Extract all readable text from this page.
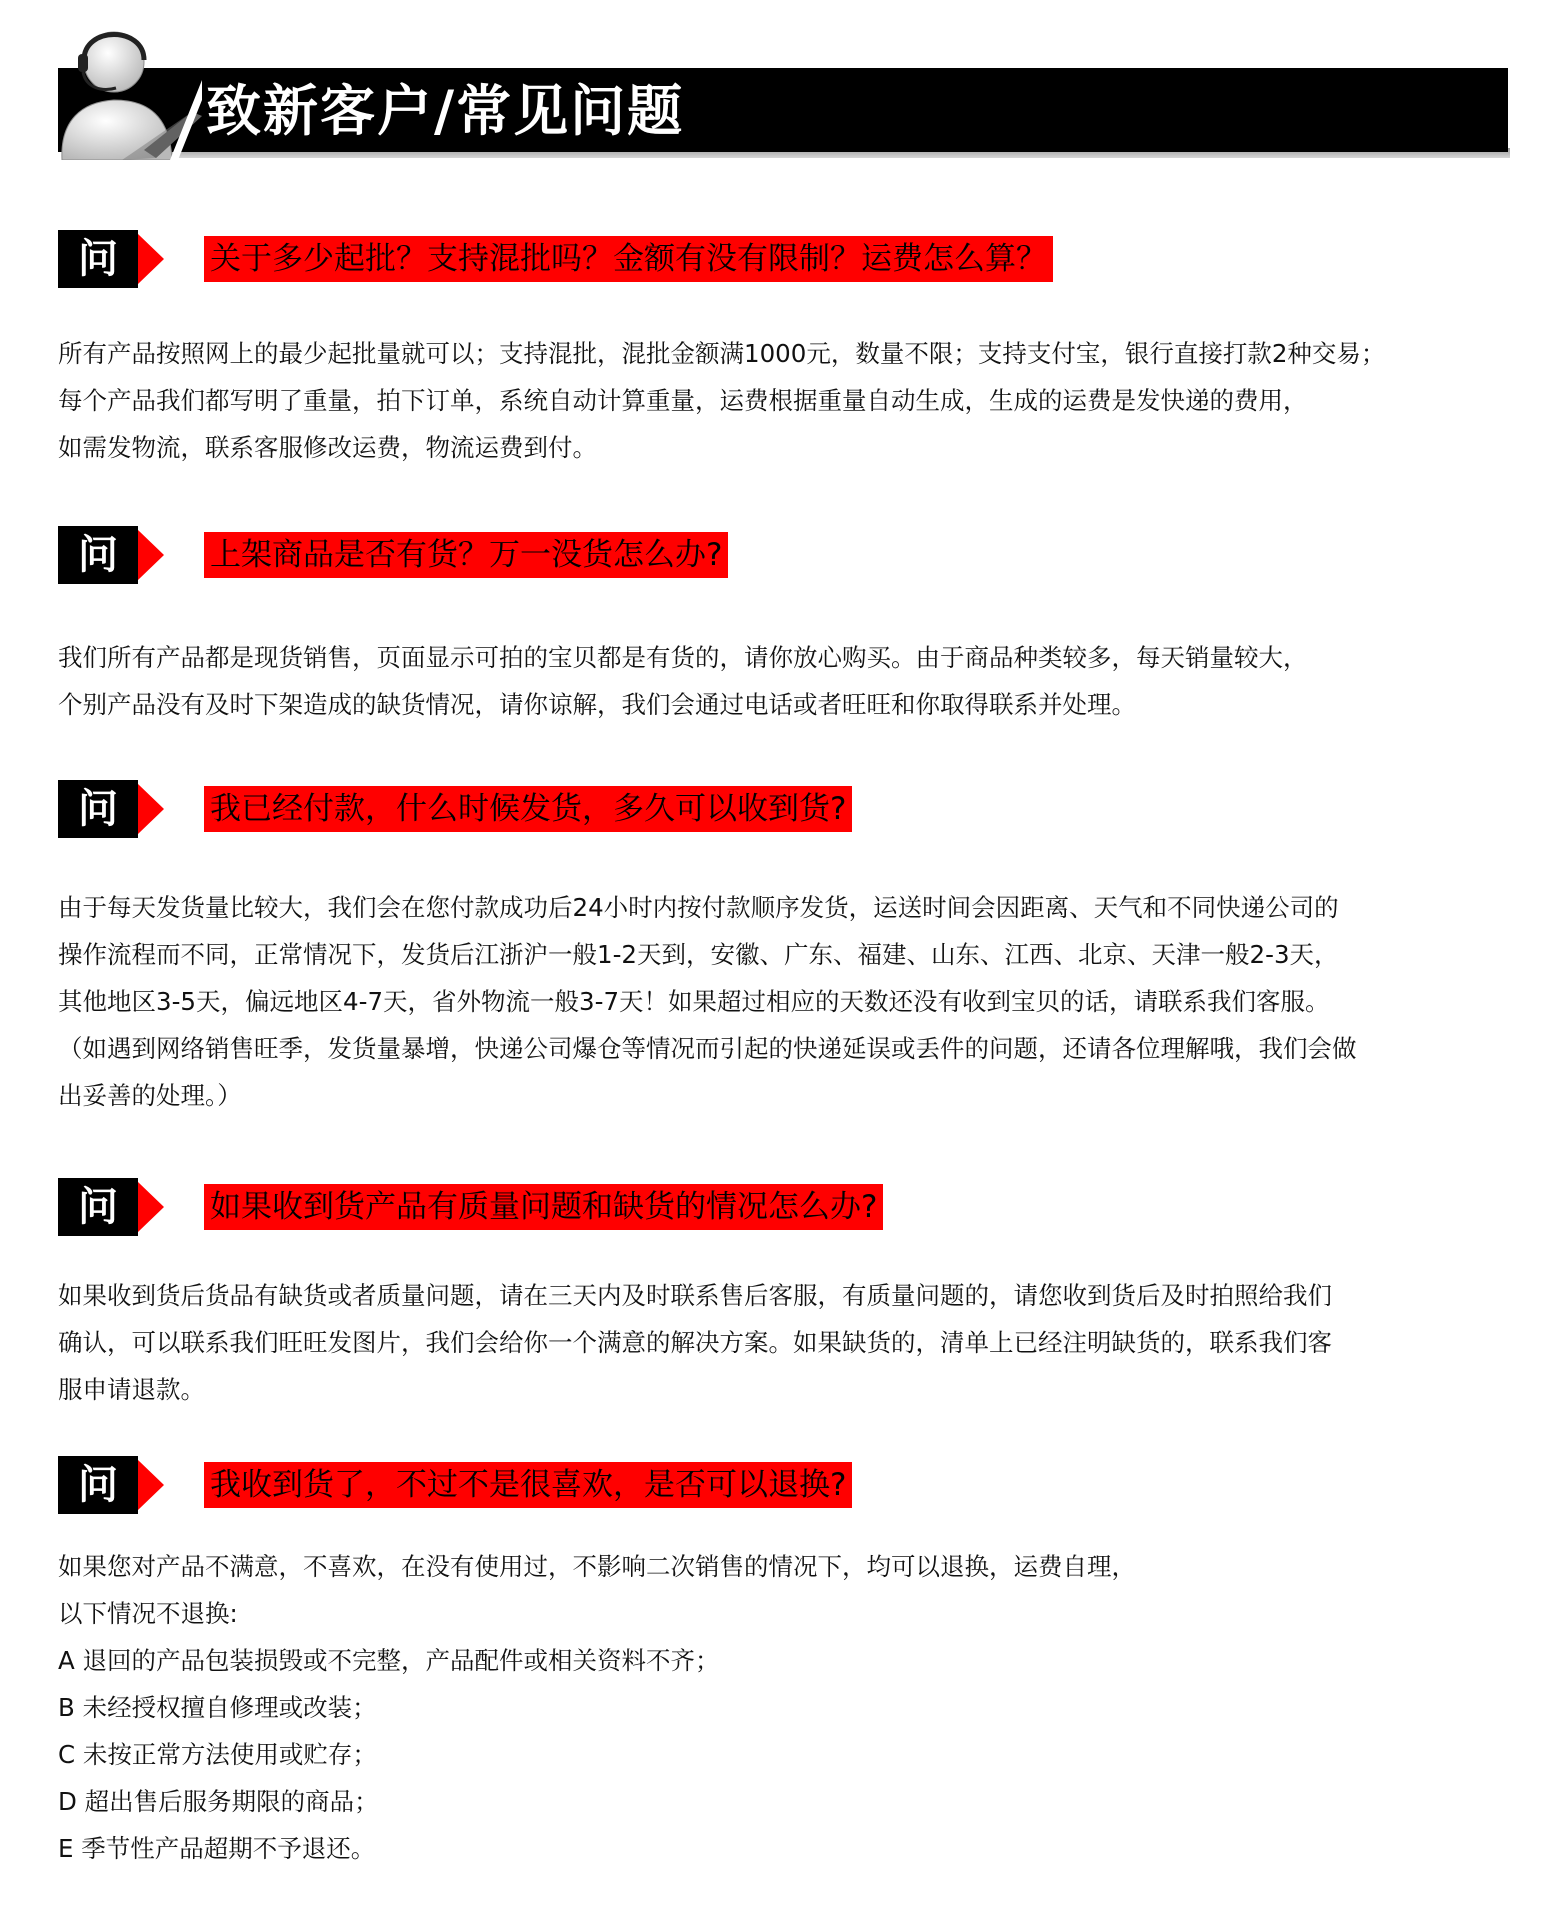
致新客户/常见问题
问	关于多少起批？支持混批吗？金额有没有限制？运费怎么算？
所有产品按照网上的最少起批量就可以；支持混批，混批金额满1000元，数量不限；支持支付宝，银行直接打款2种交易；
每个产品我们都写明了重量，拍下订单，系统自动计算重量，运费根据重量自动生成，生成的运费是发快递的费用，
如需发物流，联系客服修改运费，物流运费到付。
问	上架商品是否有货？万一没货怎么办?
我们所有产品都是现货销售，页面显示可拍的宝贝都是有货的，请你放心购买。由于商品种类较多，每天销量较大，
个别产品没有及时下架造成的缺货情况，请你谅解，我们会通过电话或者旺旺和你取得联系并处理。
问	我已经付款，什么时候发货，多久可以收到货?
由于每天发货量比较大，我们会在您付款成功后24小时内按付款顺序发货，运送时间会因距离、天气和不同快递公司的
操作流程而不同，正常情况下，发货后江浙沪一般1-2天到，安徽、广东、福建、山东、江西、北京、天津一般2-3天，
其他地区3-5天，偏远地区4-7天，省外物流一般3-7天！如果超过相应的天数还没有收到宝贝的话，请联系我们客服。
（如遇到网络销售旺季，发货量暴增，快递公司爆仓等情况而引起的快递延误或丢件的问题，还请各位理解哦，我们会做
出妥善的处理。）
问	如果收到货产品有质量问题和缺货的情况怎么办?
如果收到货后货品有缺货或者质量问题，请在三天内及时联系售后客服，有质量问题的，请您收到货后及时拍照给我们
确认，可以联系我们旺旺发图片，我们会给你一个满意的解决方案。如果缺货的，清单上已经注明缺货的，联系我们客
服申请退款。
问	我收到货了，不过不是很喜欢，是否可以退换?
如果您对产品不满意，不喜欢，在没有使用过，不影响二次销售的情况下，均可以退换，运费自理，
以下情况不退换:
A 退回的产品包装损毁或不完整，产品配件或相关资料不齐；
B 未经授权擅自修理或改装；
C 未按正常方法使用或贮存；
D 超出售后服务期限的商品；
E 季节性产品超期不予退还。
